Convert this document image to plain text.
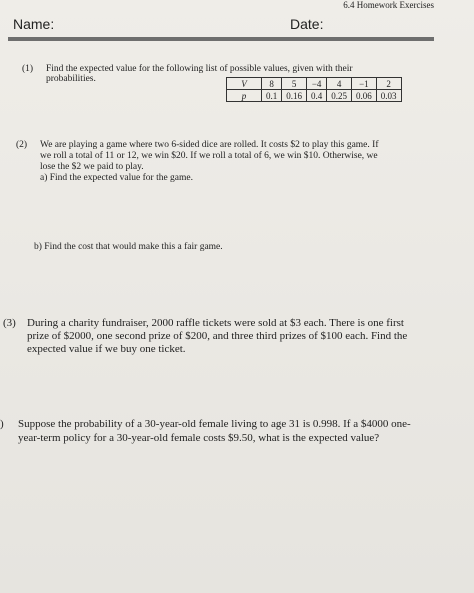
6.4 Homework Exercises
Name:	Date:
(1) Find the expected value for the following list of possible values, given with their
probabilities.	V	8	5	−4	4	−1	2
p	0.1	0.16	0.4	0.25	0.06	0.03
(2) We are playing a game where two 6-sided dice are rolled. It costs $2 to play this game. If
we roll a total of 11 or 12, we win $20. If we roll a total of 6, we win $10. Otherwise, we
lose the $2 we paid to play.
a) Find the expected value for the game.
b) Find the cost that would make this a fair game.
(3) During a charity fundraiser, 2000 raffle tickets were sold at $3 each. There is one first
prize of $2000, one second prize of $200, and three third prizes of $100 each. Find the
expected value if we buy one ticket.
) Suppose the probability of a 30-year-old female living to age 31 is 0.998. If a $4000 one-
year-term policy for a 30-year-old female costs $9.50, what is the expected value?
